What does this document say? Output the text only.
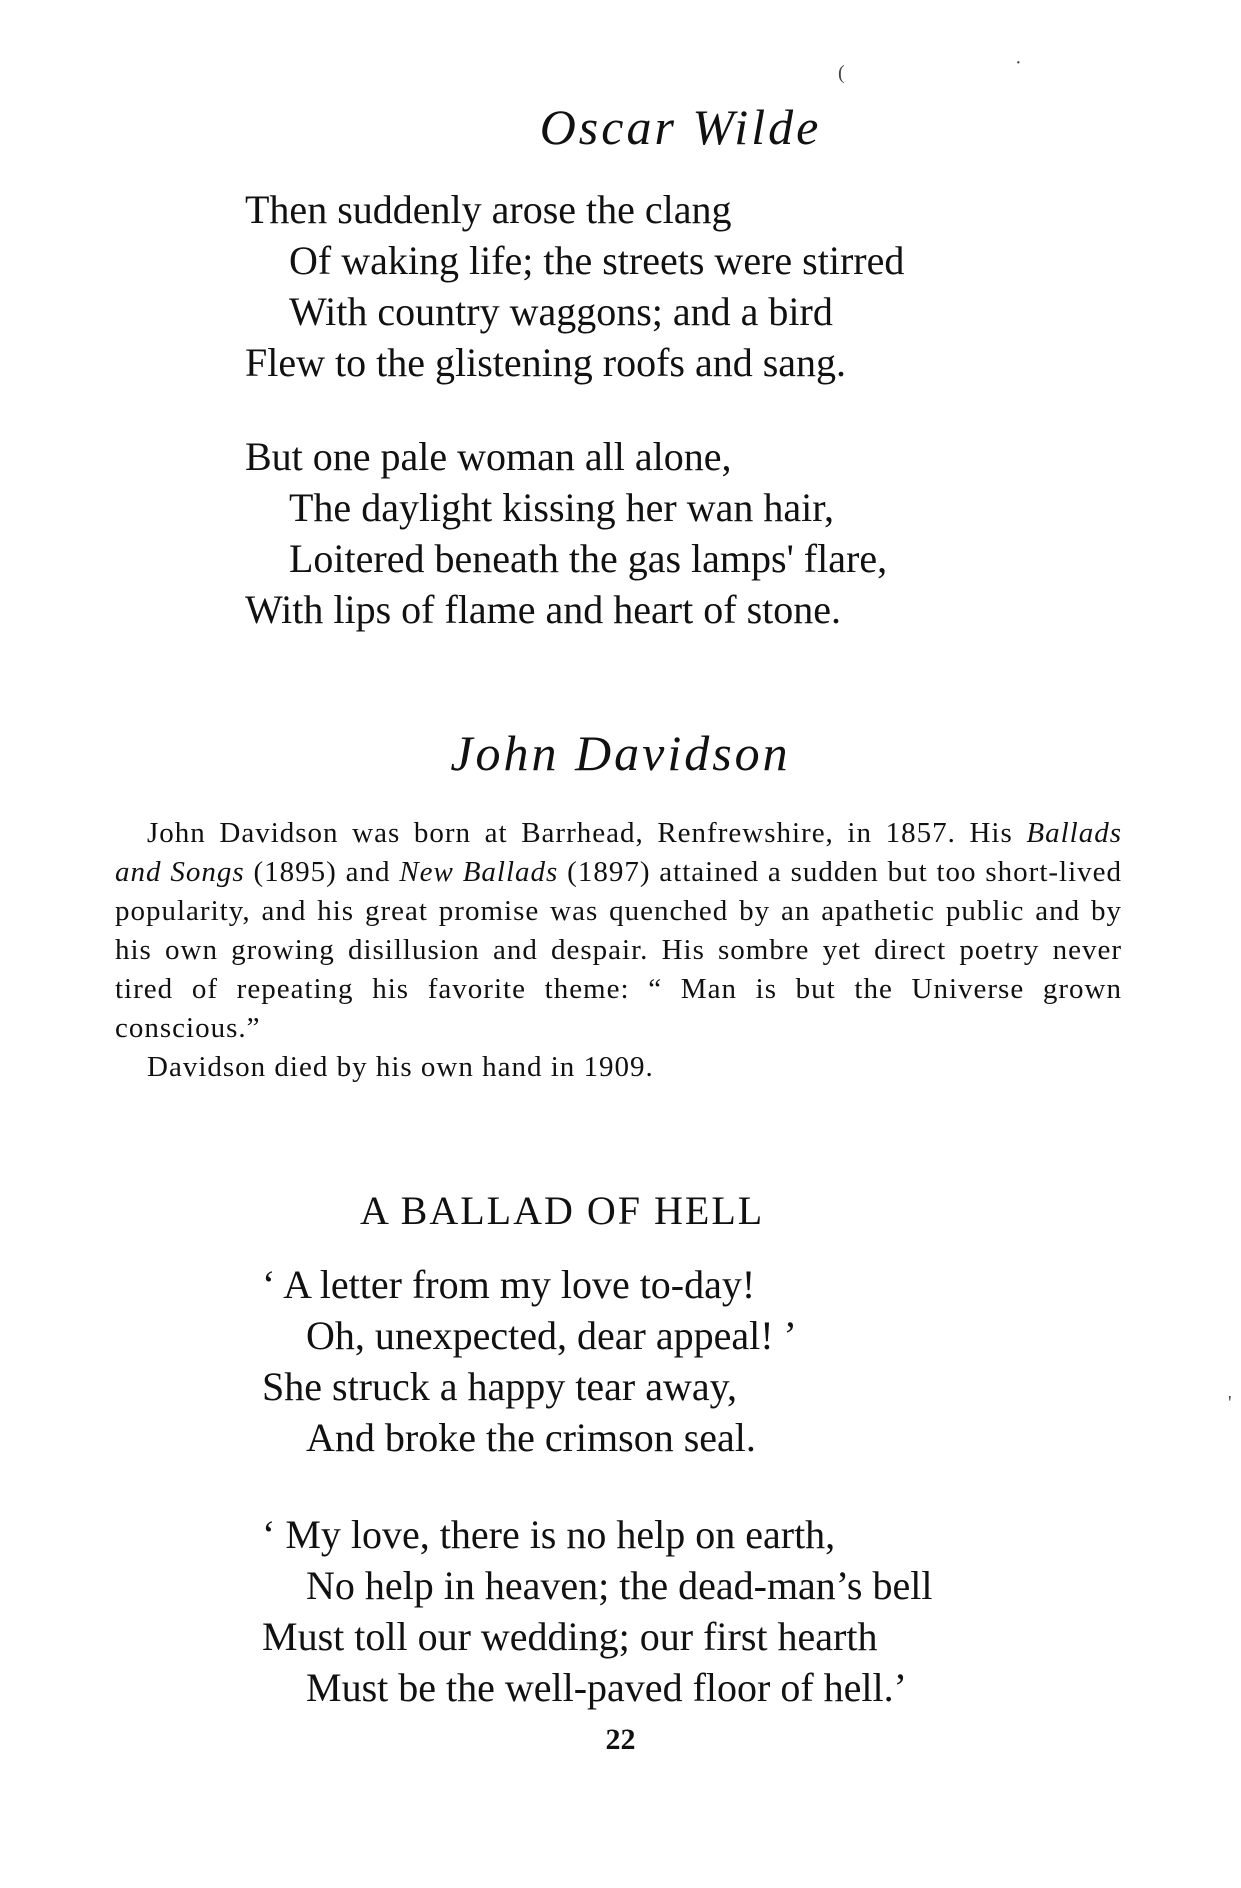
Oscar Wilde
Then suddenly arose the clang
Of waking life; the streets were stirred
With country waggons; and a bird
Flew to the glistening roofs and sang.
But one pale woman all alone,
The daylight kissing her wan hair,
Loitered beneath the gas lamps' flare,
With lips of flame and heart of stone.
John Davidson

John Davidson was born at Barrhead, Renfrewshire, in 1857. His Ballads and Songs (1895) and New Ballads (1897) attained a sudden but too short-lived popularity, and his great promise was quenched by an apathetic public and by his own growing disillusion and despair. His sombre yet direct poetry never tired of repeating his favorite theme: “ Man is but the Universe grown conscious.”

Davidson died by his own hand in 1909.

A BALLAD OF HELL
‘ A letter from my love to-day!
Oh, unexpected, dear appeal! ’
She struck a happy tear away,
And broke the crimson seal.
‘ My love, there is no help on earth,
No help in heaven; the dead-man’s bell
Must toll our wedding; our first hearth
Must be the well-paved floor of hell.’
22
(	·
'
